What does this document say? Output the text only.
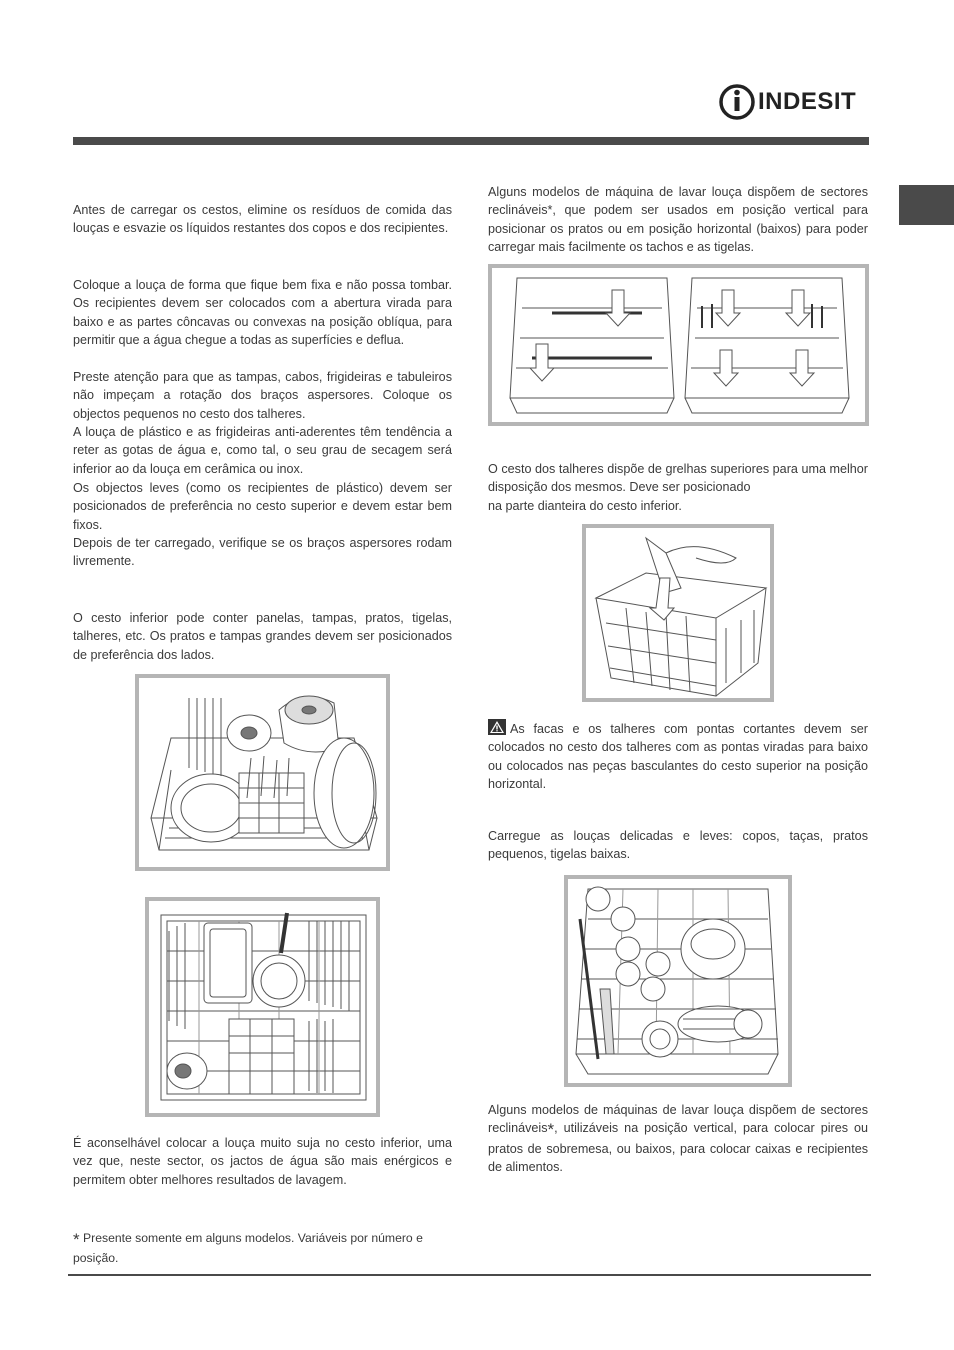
INDESIT

Antes de carregar os cestos, elimine os resíduos de comida das louças e esvazie os líquidos restantes dos copos e dos recipientes.

Coloque a louça de forma que fique bem fixa e não possa tombar. Os recipientes devem ser colocados com a abertura virada para baixo e as partes côncavas ou convexas na posição oblíqua, para permitir que a água chegue a todas as superfícies e deflua.

Preste atenção para que as tampas, cabos, frigideiras e tabuleiros não impeçam a rotação dos braços aspersores. Coloque os objectos pequenos no cesto dos talheres.

A louça de plástico e as frigideiras anti-aderentes têm tendência a reter as gotas de água e, como tal, o seu grau de secagem será inferior ao da louça em cerâmica ou inox.

Os objectos leves (como os recipientes de plástico) devem ser posicionados de preferência no cesto superior e devem estar bem fixos.

Depois de ter carregado, verifique se os braços aspersores rodam livremente.

O cesto inferior pode conter panelas, tampas, pratos, tigelas, talheres, etc. Os pratos e tampas grandes devem ser posicionados de preferência dos lados.

É aconselhável colocar a louça muito suja no cesto inferior, uma vez que, neste sector, os jactos de água são mais enérgicos e permitem obter melhores resultados de lavagem.

* Presente somente em alguns modelos. Variáveis por número e posição.

Alguns modelos de máquina de lavar louça dispõem de sectores reclináveis*, que podem ser usados em posição vertical para posicionar os pratos ou em posição horizontal (baixos) para poder carregar mais facilmente os tachos e as tigelas.

O cesto dos talheres dispõe de grelhas superiores para uma melhor disposição dos mesmos. Deve ser posicionado
na parte dianteira do cesto inferior.

As facas e os talheres com pontas cortantes devem ser colocados no cesto dos talheres com as pontas viradas para baixo ou colocados nas peças basculantes do cesto superior na posição horizontal.

Carregue as louças delicadas e leves: copos, taças, pratos pequenos, tigelas baixas.

Alguns modelos de máquinas de lavar louça dispõem de sectores reclináveis*, utilizáveis na posição vertical, para colocar pires ou pratos de sobremesa, ou baixos, para colocar caixas e recipientes de alimentos.
